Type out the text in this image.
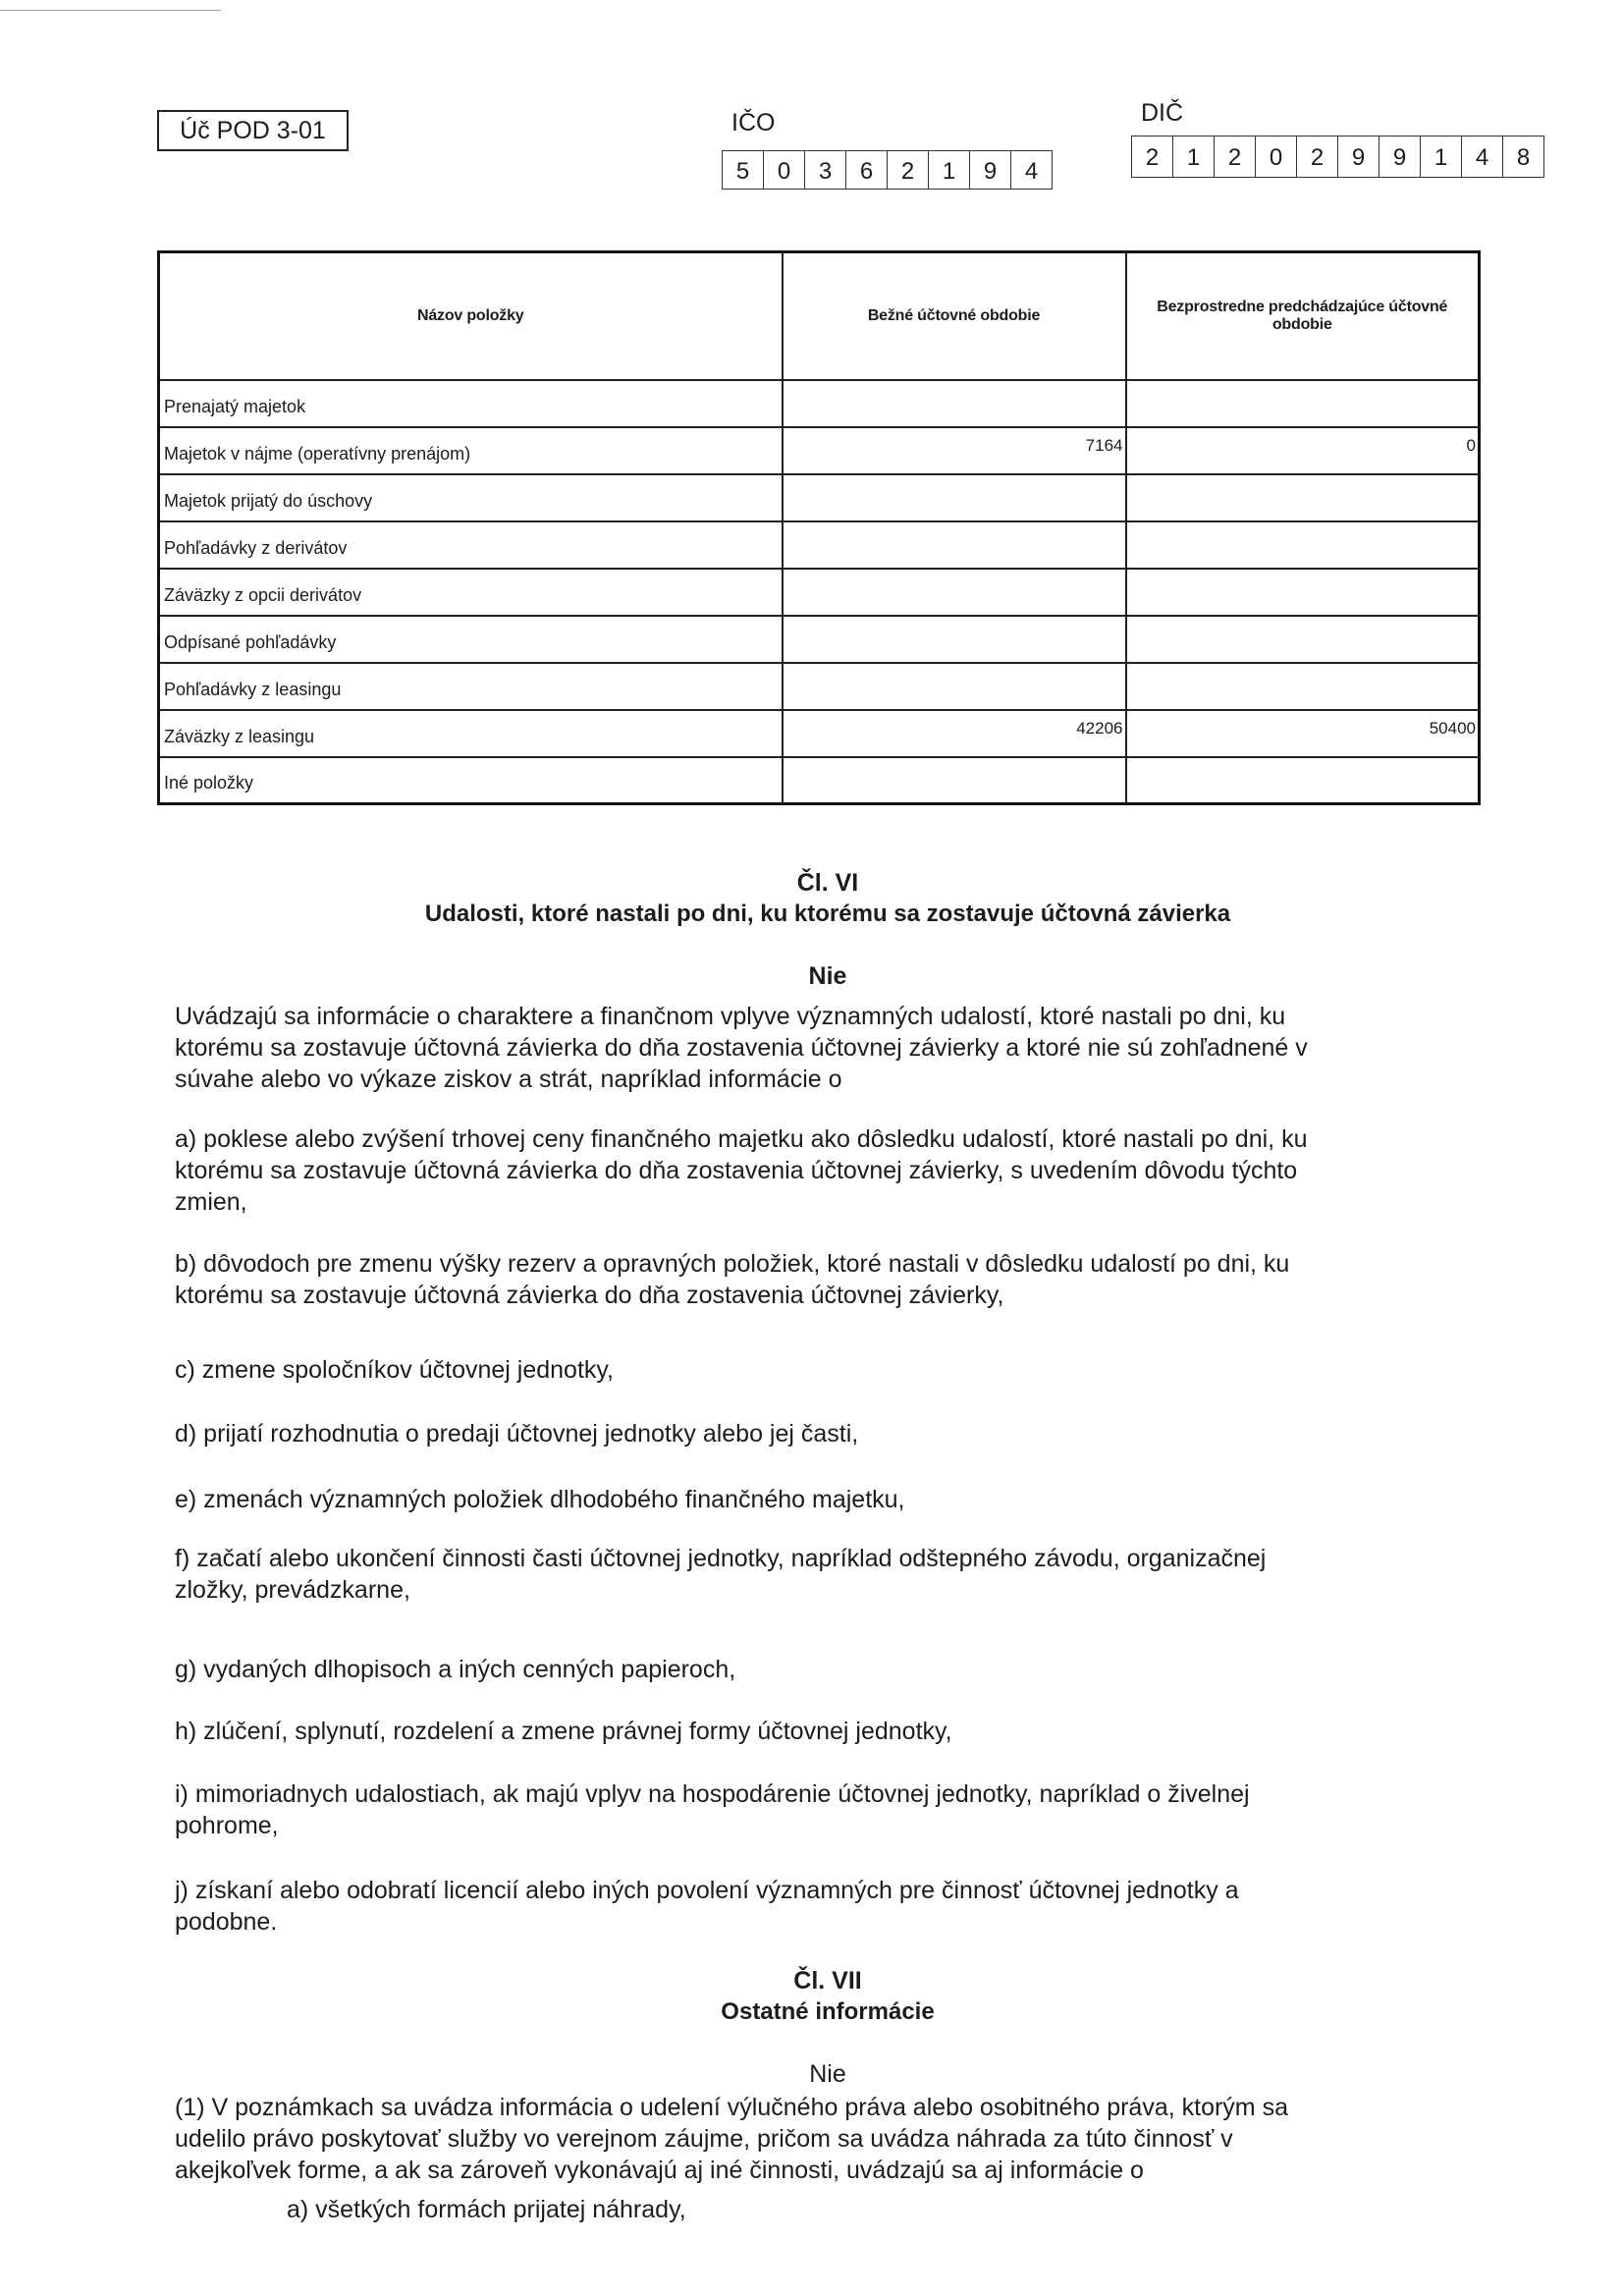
Úč POD 3-01	IČO
5	0	3	6	2	1	9	4
DIČ
2	1	2	0	2	9	9	1	4	8
Názov položky	Bežné účtovné obdobie	Bezprostredne predchádzajúce účtovné obdobie
Prenajatý majetok		
Majetok v nájme (operatívny prenájom)	7164	0
Majetok prijatý do úschovy		
Pohľadávky z derivátov		
Záväzky z opcii derivátov		
Odpísané pohľadávky		
Pohľadávky z leasingu		
Záväzky z leasingu	42206	50400
Iné položky		
Čl. VI
Udalosti, ktoré nastali po dni, ku ktorému sa zostavuje účtovná závierka
Nie
Uvádzajú sa informácie o charaktere a finančnom vplyve významných udalostí, ktoré nastali po dni, ku
ktorému sa zostavuje účtovná závierka do dňa zostavenia účtovnej závierky a ktoré nie sú zohľadnené v
súvahe alebo vo výkaze ziskov a strát, napríklad informácie o
a) poklese alebo zvýšení trhovej ceny finančného majetku ako dôsledku udalostí, ktoré nastali po dni, ku
ktorému sa zostavuje účtovná závierka do dňa zostavenia účtovnej závierky, s uvedením dôvodu týchto
zmien,
b) dôvodoch pre zmenu výšky rezerv a opravných položiek, ktoré nastali v dôsledku udalostí po dni, ku
ktorému sa zostavuje účtovná závierka do dňa zostavenia účtovnej závierky,
c) zmene spoločníkov účtovnej jednotky,
d) prijatí rozhodnutia o predaji účtovnej jednotky alebo jej časti,
e) zmenách významných položiek dlhodobého finančného majetku,
f) začatí alebo ukončení činnosti časti účtovnej jednotky, napríklad odštepného závodu, organizačnej
zložky, prevádzkarne,
g) vydaných dlhopisoch a iných cenných papieroch,
h) zlúčení, splynutí, rozdelení a zmene právnej formy účtovnej jednotky,
i) mimoriadnych udalostiach, ak majú vplyv na hospodárenie účtovnej jednotky, napríklad o živelnej
pohrome,
j) získaní alebo odobratí licencií alebo iných povolení významných pre činnosť účtovnej jednotky a
podobne.
Čl. VII
Ostatné informácie
Nie
(1) V poznámkach sa uvádza informácia o udelení výlučného práva alebo osobitného práva, ktorým sa
udelilo právo poskytovať služby vo verejnom záujme, pričom sa uvádza náhrada za túto činnosť v
akejkoľvek forme, a ak sa zároveň vykonávajú aj iné činnosti, uvádzajú sa aj informácie o
a) všetkých formách prijatej náhrady,
